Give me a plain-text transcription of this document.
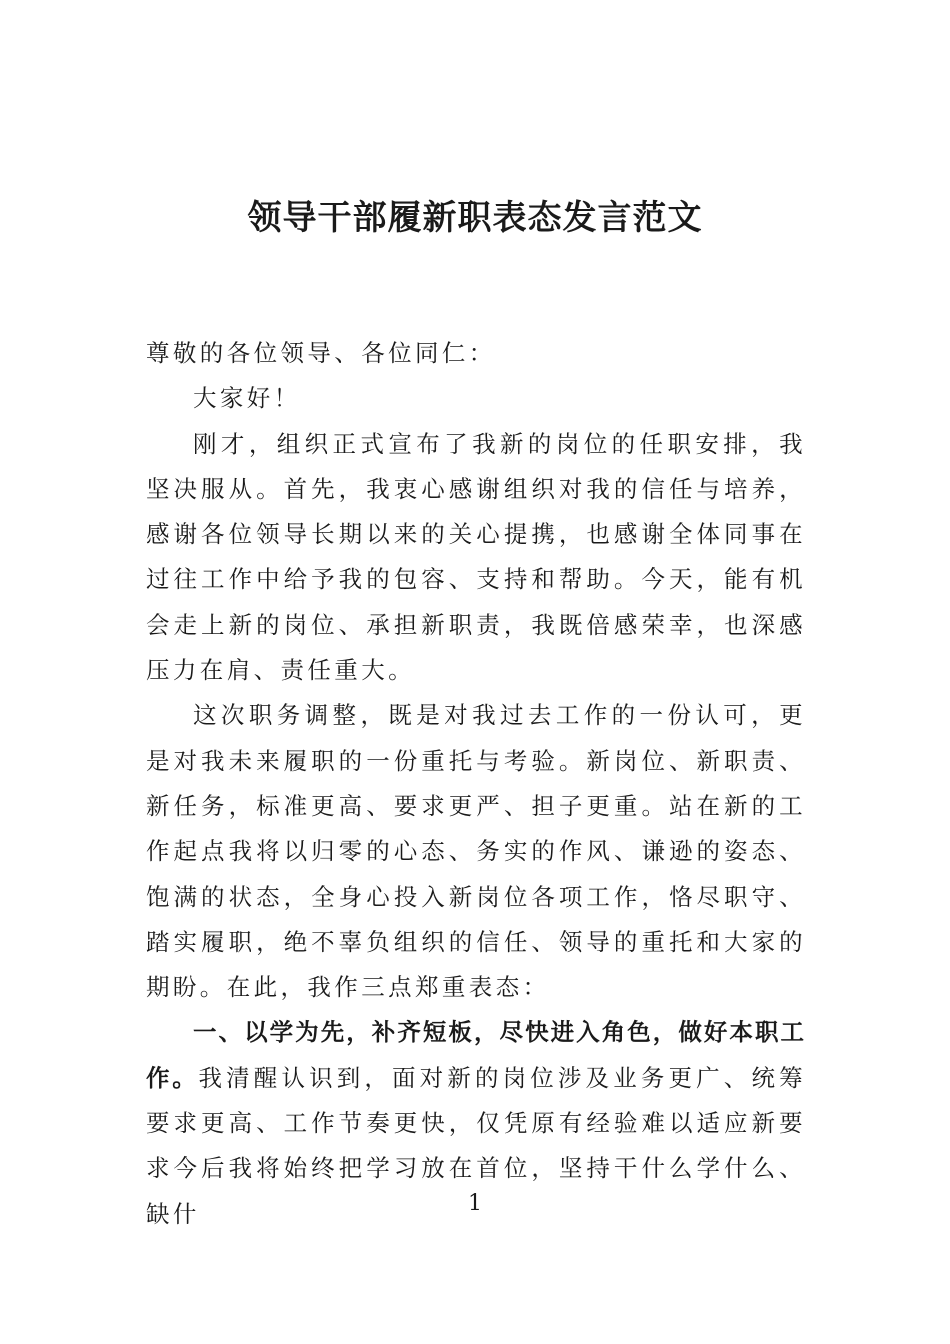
领导干部履新职表态发言范文

尊敬的各位领导、各位同仁：

大家好！

刚才，组织正式宣布了我新的岗位的任职安排，我坚决服从。首先，我衷心感谢组织对我的信任与培养，感谢各位领导长期以来的关心提携，也感谢全体同事在过往工作中给予我的包容、支持和帮助。今天，能有机会走上新的岗位、承担新职责，我既倍感荣幸，也深感压力在肩、责任重大。

这次职务调整，既是对我过去工作的一份认可，更是对我未来履职的一份重托与考验。新岗位、新职责、新任务，标准更高、要求更严、担子更重。站在新的工作起点我将以归零的心态、务实的作风、谦逊的姿态、饱满的状态，全身心投入新岗位各项工作，恪尽职守、踏实履职，绝不辜负组织的信任、领导的重托和大家的期盼。在此，我作三点郑重表态：

一、以学为先，补齐短板，尽快进入角色，做好本职工作。我清醒认识到，面对新的岗位涉及业务更广、统筹要求更高、工作节奏更快，仅凭原有经验难以适应新要求今后我将始终把学习放在首位，坚持干什么学什么、缺什	1
